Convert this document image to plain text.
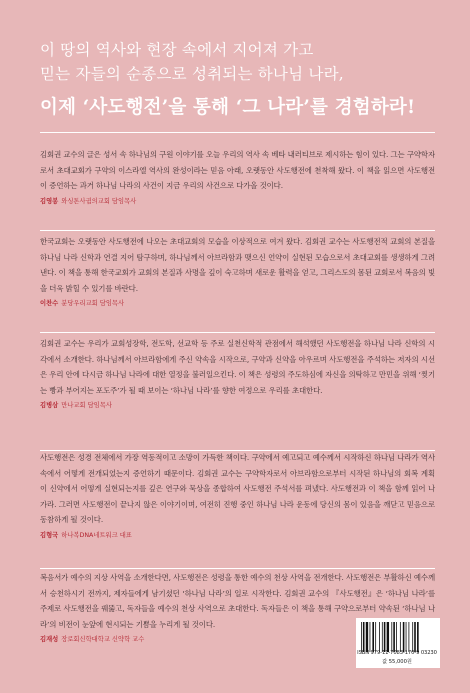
이 땅의 역사와 현장 속에서 지어져 가고
믿는 자들의 순종으로 성취되는 하나님 나라,
이제 ‘사도행전’을 통해 ‘그 나라’를 경험하라!

김회권 교수의 글은 성서 속 하나님의 구원 이야기를 오늘 우리의 역사 속 베타 내러티브로 제시하는 힘이 있다. 그는 구약학자로서 초대교회가 구약의 이스라엘 역사의 완성이라는 믿음 아래, 오랫동안 사도행전에 천착해 왔다. 이 책을 읽으면 사도행전이 증언하는 과거 하나님 나라의 사건이 지금 우리의 사건으로 다가올 것이다.

김영봉 와싱톤사귐의교회 담임목사

한국교회는 오랫동안 사도행전에 나오는 초대교회의 모습을 이상적으로 여겨 왔다. 김회권 교수는 사도행전적 교회의 본질을 하나님 나라 신학과 연결 지어 탐구하며, 하나님께서 아브라함과 맺으신 언약이 실현된 모습으로서 초대교회를 생생하게 그려 낸다. 이 책을 통해 한국교회가 교회의 본질과 사명을 깊이 숙고하며 새로운 활력을 얻고, 그리스도의 몸된 교회로서 복음의 빛을 더욱 밝힐 수 있기를 바란다.

이찬수 분당우리교회 담임목사

김회권 교수는 우리가 교회성장학, 전도학, 선교학 등 주로 실천신학적 관점에서 해석했던 사도행전을 하나님 나라 신학의 시각에서 소개한다. 하나님께서 아브라함에게 주신 약속을 시작으로, 구약과 신약을 아우르며 사도행전을 주석하는 저자의 시선은 우리 안에 다시금 하나님 나라에 대한 열정을 불러일으킨다. 이 책은 성령의 주도하심에 자신을 의탁하고 만민을 위해 ‘찢기는 빵과 부어지는 포도주’가 될 때 보이는 ‘하나님 나라’를 향한 여정으로 우리를 초대한다.

김병삼 만나교회 담임목사

사도행전은 성경 전체에서 가장 역동적이고 소망이 가득한 책이다. 구약에서 예고되고 예수께서 시작하신 하나님 나라가 역사 속에서 어떻게 전개되었는지 증언하기 때문이다. 김회권 교수는 구약학자로서 아브라함으로부터 시작된 하나님의 회복 계획이 신약에서 어떻게 실현되는지를 깊은 연구와 묵상을 종합하여 사도행전 주석서를 펴냈다. 사도행전과 이 책을 함께 읽어 나가라. 그러면 사도행전이 끝나지 않은 이야기이며, 여전히 진행 중인 하나님 나라 운동에 당신의 몸이 있음을 깨닫고 믿음으로 동참하게 될 것이다.

김형국 하나복DNA네트워크 대표

복음서가 예수의 지상 사역을 소개한다면, 사도행전은 성령을 통한 예수의 천상 사역을 전개한다. 사도행전은 부활하신 예수께서 승천하시기 전까지, 제자들에게 남기셨던 ‘하나님 나라’의 일로 시작한다. 김회권 교수의 『사도행전』은 ‘하나님 나라’를 주제로 사도행전을 꿰뚫고, 독자들을 예수의 천상 사역으로 초대한다. 독자들은 이 책을 통해 구약으로부터 약속된 ‘하나님 나라’의 비전이 눈앞에 현시되는 기쁨을 누리게 될 것이다.

김재성 장로회신학대학교 신약학 교수
ISBN 979-11-7083-170-9 03230
값 55,000원
